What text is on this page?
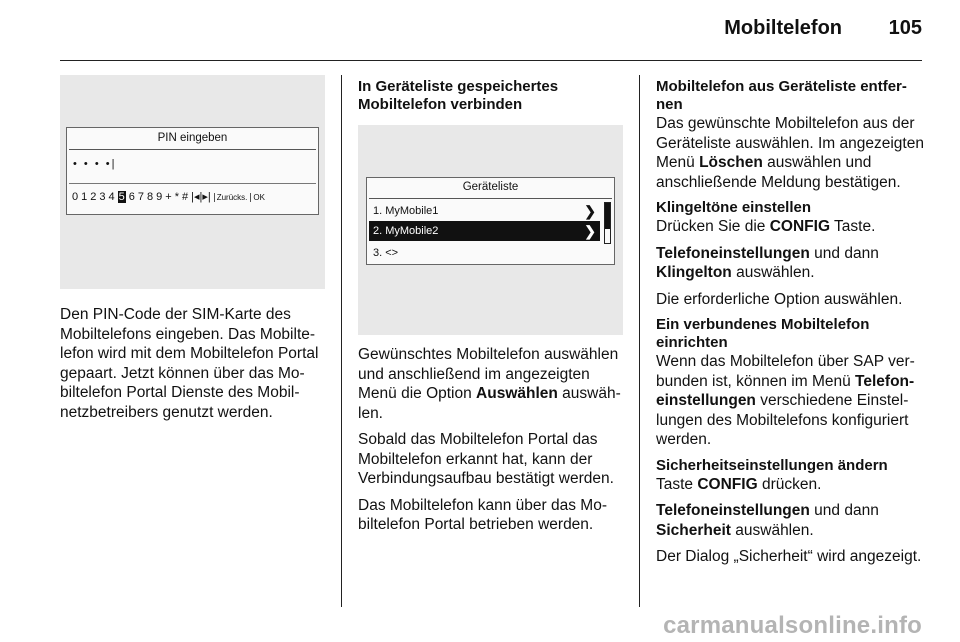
Mobiltelefon 105
PIN eingeben
• • • •|
0 1 2 3 4 5 6 7 8 9 + * # |◂|▸| Zurücks. OK

Den PIN-Code der SIM-Karte des Mobiltelefons eingeben. Das Mobiltelefon wird mit dem Mobiltelefon Portal gepaart. Jetzt können über das Mobiltelefon Portal Dienste des Mobilnetzbetreibers genutzt werden.

In Geräteliste gespeichertes Mobiltelefon verbinden
Geräteliste
1. MyMobile1	❯
2. MyMobile2	❯
3. <>

Gewünschtes Mobiltelefon auswählen und anschließend im angezeigten Menü die Option Auswählen auswählen.

Sobald das Mobiltelefon Portal das Mobiltelefon erkannt hat, kann der Verbindungsaufbau bestätigt werden.

Das Mobiltelefon kann über das Mobiltelefon Portal betrieben werden.

Mobiltelefon aus Geräteliste entfernen

Das gewünschte Mobiltelefon aus der Geräteliste auswählen. Im angezeigten Menü Löschen auswählen und anschließende Meldung bestätigen.

Klingeltöne einstellen

Drücken Sie die CONFIG Taste.

Telefoneinstellungen und dann Klingelton auswählen.

Die erforderliche Option auswählen.

Ein verbundenes Mobiltelefon einrichten

Wenn das Mobiltelefon über SAP verbunden ist, können im Menü Telefoneinstellungen verschiedene Einstellungen des Mobiltelefons konfiguriert werden.

Sicherheitseinstellungen ändern

Taste CONFIG drücken.

Telefoneinstellungen und dann Sicherheit auswählen.

Der Dialog „Sicherheit“ wird angezeigt.

carmanualsonline.info
